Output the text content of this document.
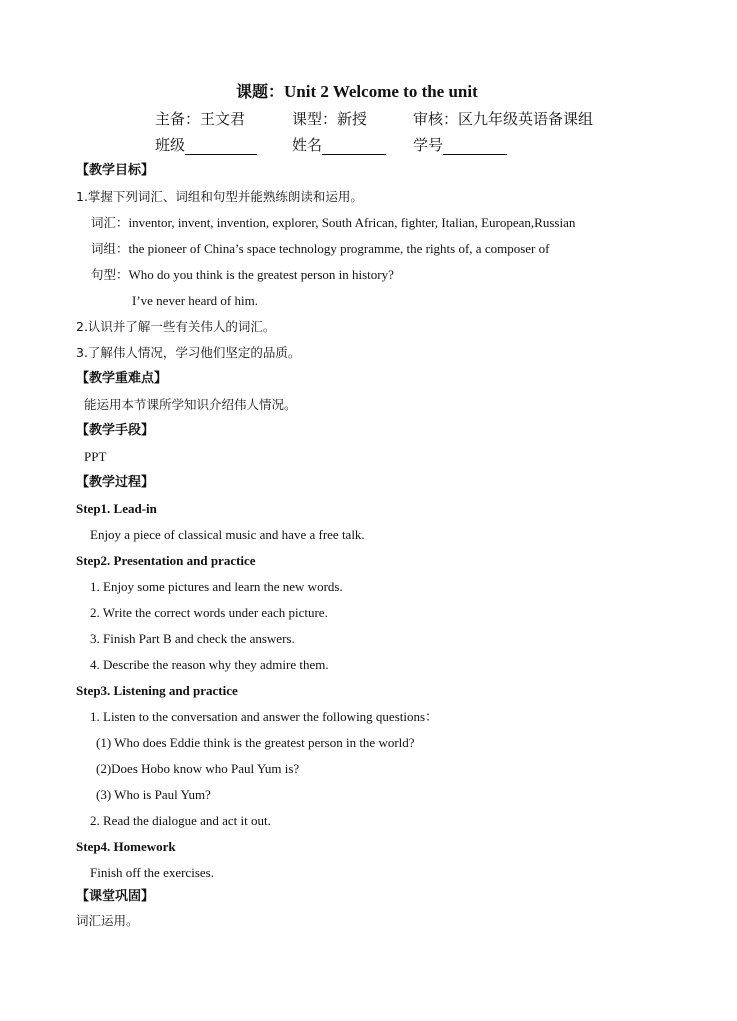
课题：Unit 2 Welcome to the unit
主备：王文君	课型：新授	审核：区九年级英语备课组
班级	姓名	学号
【教学目标】
1.掌握下列词汇、词组和句型并能熟练朗读和运用。
词汇：inventor, invent, invention, explorer, South African, fighter, Italian, European,Russian
词组：the pioneer of China’s space technology programme, the rights of, a composer of
句型：Who do you think is the greatest person in history?
I’ve never heard of him.
2.认识并了解一些有关伟人的词汇。
3.了解伟人情况，学习他们坚定的品质。
【教学重难点】
能运用本节课所学知识介绍伟人情况。
【教学手段】
PPT
【教学过程】
Step1. Lead-in
Enjoy a piece of classical music and have a free talk.
Step2. Presentation and practice
1. Enjoy some pictures and learn the new words.
2. Write the correct words under each picture.
3. Finish Part B and check the answers.
4. Describe the reason why they admire them.
Step3. Listening and practice
1. Listen to the conversation and answer the following questions：
(1) Who does Eddie think is the greatest person in the world?
(2)Does Hobo know who Paul Yum is?
(3) Who is Paul Yum?
2. Read the dialogue and act it out.
Step4. Homework
Finish off the exercises.
【课堂巩固】
词汇运用。
